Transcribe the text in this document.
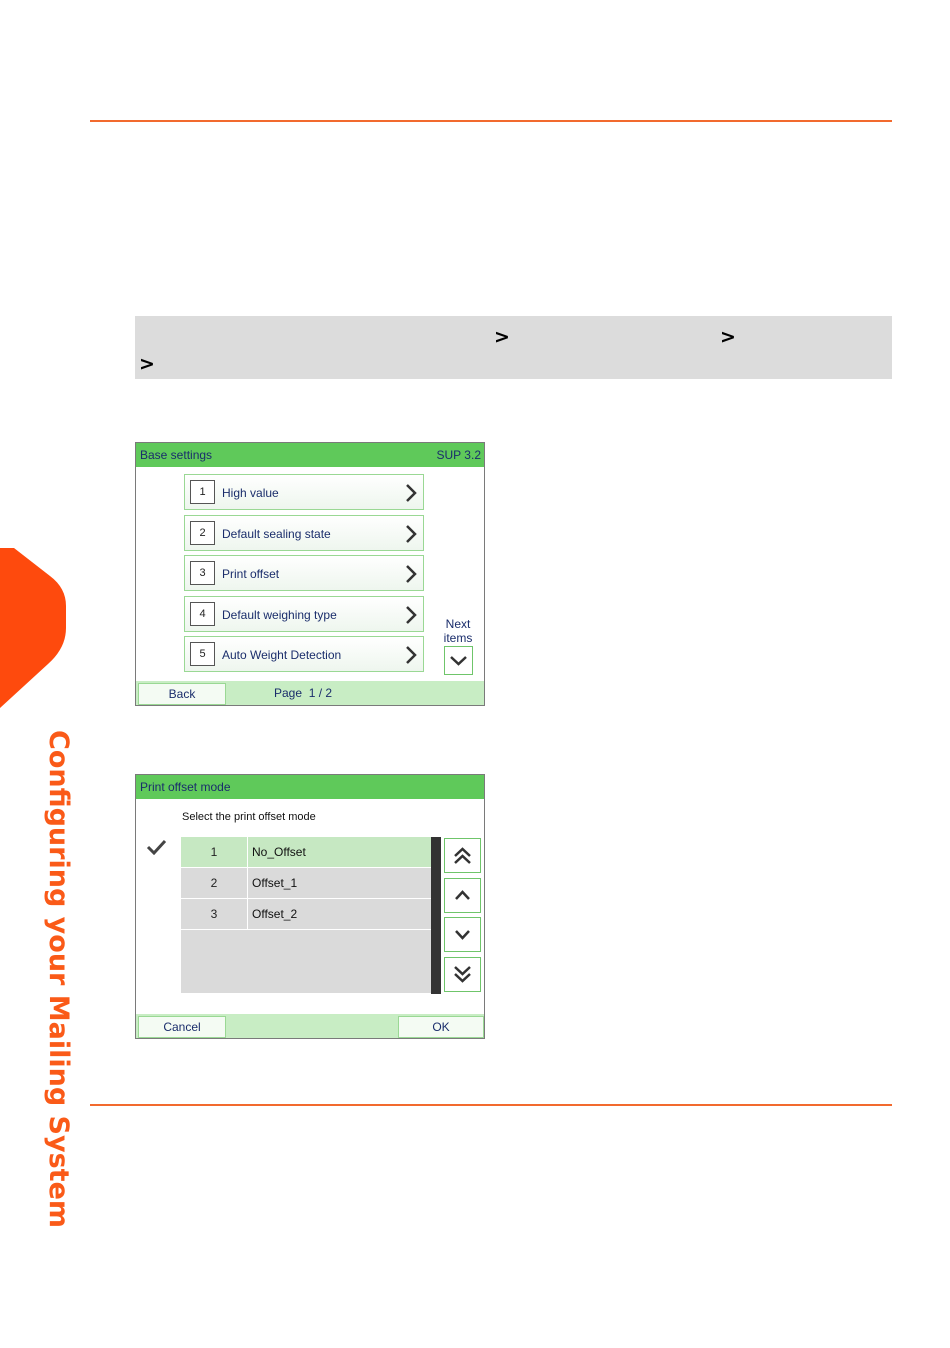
>	>
>
Configuring your Mailing System
Base settings	SUP 3.2
1	High value
2	Default sealing state
3	Print offset
4	Default weighing type
5	Auto Weight Detection
Next
items
Back	Page 1 / 2
Print offset mode
Select the print offset mode
1	No_Offset
2	Offset_1
3	Offset_2
Cancel	OK
